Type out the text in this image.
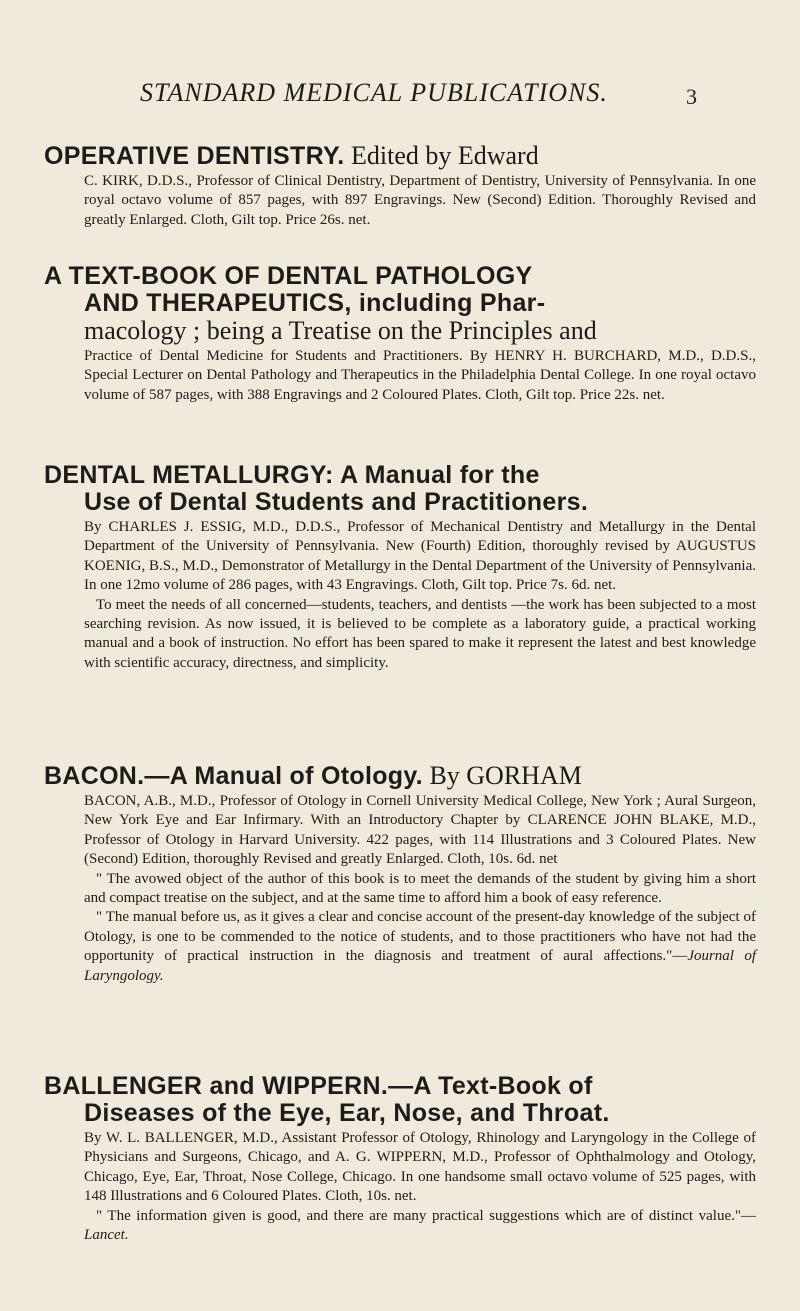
STANDARD MEDICAL PUBLICATIONS.	3

OPERATIVE DENTISTRY. Edited by Edward

C. KIRK, D.D.S., Professor of Clinical Dentistry, Department of Dentistry, University of Pennsylvania. In one royal octavo volume of 857 pages, with 897 Engravings. New (Second) Edition. Thoroughly Revised and greatly Enlarged. Cloth, Gilt top. Price 26s. net.

A TEXT-BOOK OF DENTAL PATHOLOGY

AND THERAPEUTICS, including Phar-

macology ; being a Treatise on the Principles and

Practice of Dental Medicine for Students and Practitioners. By HENRY H. BURCHARD, M.D., D.D.S., Special Lecturer on Dental Pathology and Therapeutics in the Philadelphia Dental College. In one royal octavo volume of 587 pages, with 388 Engravings and 2 Coloured Plates. Cloth, Gilt top. Price 22s. net.

DENTAL METALLURGY: A Manual for the

Use of Dental Students and Practitioners.

By CHARLES J. ESSIG, M.D., D.D.S., Professor of Mechanical Dentistry and Metallurgy in the Dental Department of the University of Pennsylvania. New (Fourth) Edition, thoroughly revised by AUGUSTUS KOENIG, B.S., M.D., Demonstrator of Metallurgy in the Dental Department of the University of Pennsylvania. In one 12mo volume of 286 pages, with 43 Engravings. Cloth, Gilt top. Price 7s. 6d. net.

To meet the needs of all concerned—students, teachers, and dentists —the work has been subjected to a most searching revision. As now issued, it is believed to be complete as a laboratory guide, a practical working manual and a book of instruction. No effort has been spared to make it represent the latest and best knowledge with scientific accuracy, directness, and simplicity.

BACON.—A Manual of Otology. By GORHAM

BACON, A.B., M.D., Professor of Otology in Cornell University Medical College, New York ; Aural Surgeon, New York Eye and Ear Infirmary. With an Introductory Chapter by CLARENCE JOHN BLAKE, M.D., Professor of Otology in Harvard University. 422 pages, with 114 Illustrations and 3 Coloured Plates. New (Second) Edition, thoroughly Revised and greatly Enlarged. Cloth, 10s. 6d. net

" The avowed object of the author of this book is to meet the demands of the student by giving him a short and compact treatise on the subject, and at the same time to afford him a book of easy reference.

" The manual before us, as it gives a clear and concise account of the present-day knowledge of the subject of Otology, is one to be commended to the notice of students, and to those practitioners who have not had the opportunity of practical instruction in the diagnosis and treatment of aural affections."—Journal of Laryngology.

BALLENGER and WIPPERN.—A Text-Book of

Diseases of the Eye, Ear, Nose, and Throat.

By W. L. BALLENGER, M.D., Assistant Professor of Otology, Rhinology and Laryngology in the College of Physicians and Surgeons, Chicago, and A. G. WIPPERN, M.D., Professor of Ophthalmology and Otology, Chicago, Eye, Ear, Throat, Nose College, Chicago. In one handsome small octavo volume of 525 pages, with 148 Illustrations and 6 Coloured Plates. Cloth, 10s. net.

" The information given is good, and there are many practical suggestions which are of distinct value."—Lancet.
